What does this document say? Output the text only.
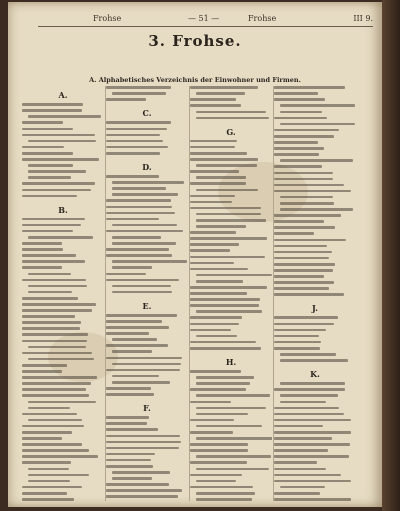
Frohse	— 51 —	Frohse	III 9.
3. Frohse.
A. Alphabetisches Verzeichnis der Einwohner und Firmen.
A.
B.
C.
D.
E.
F.
G.
H.
J.
K.
